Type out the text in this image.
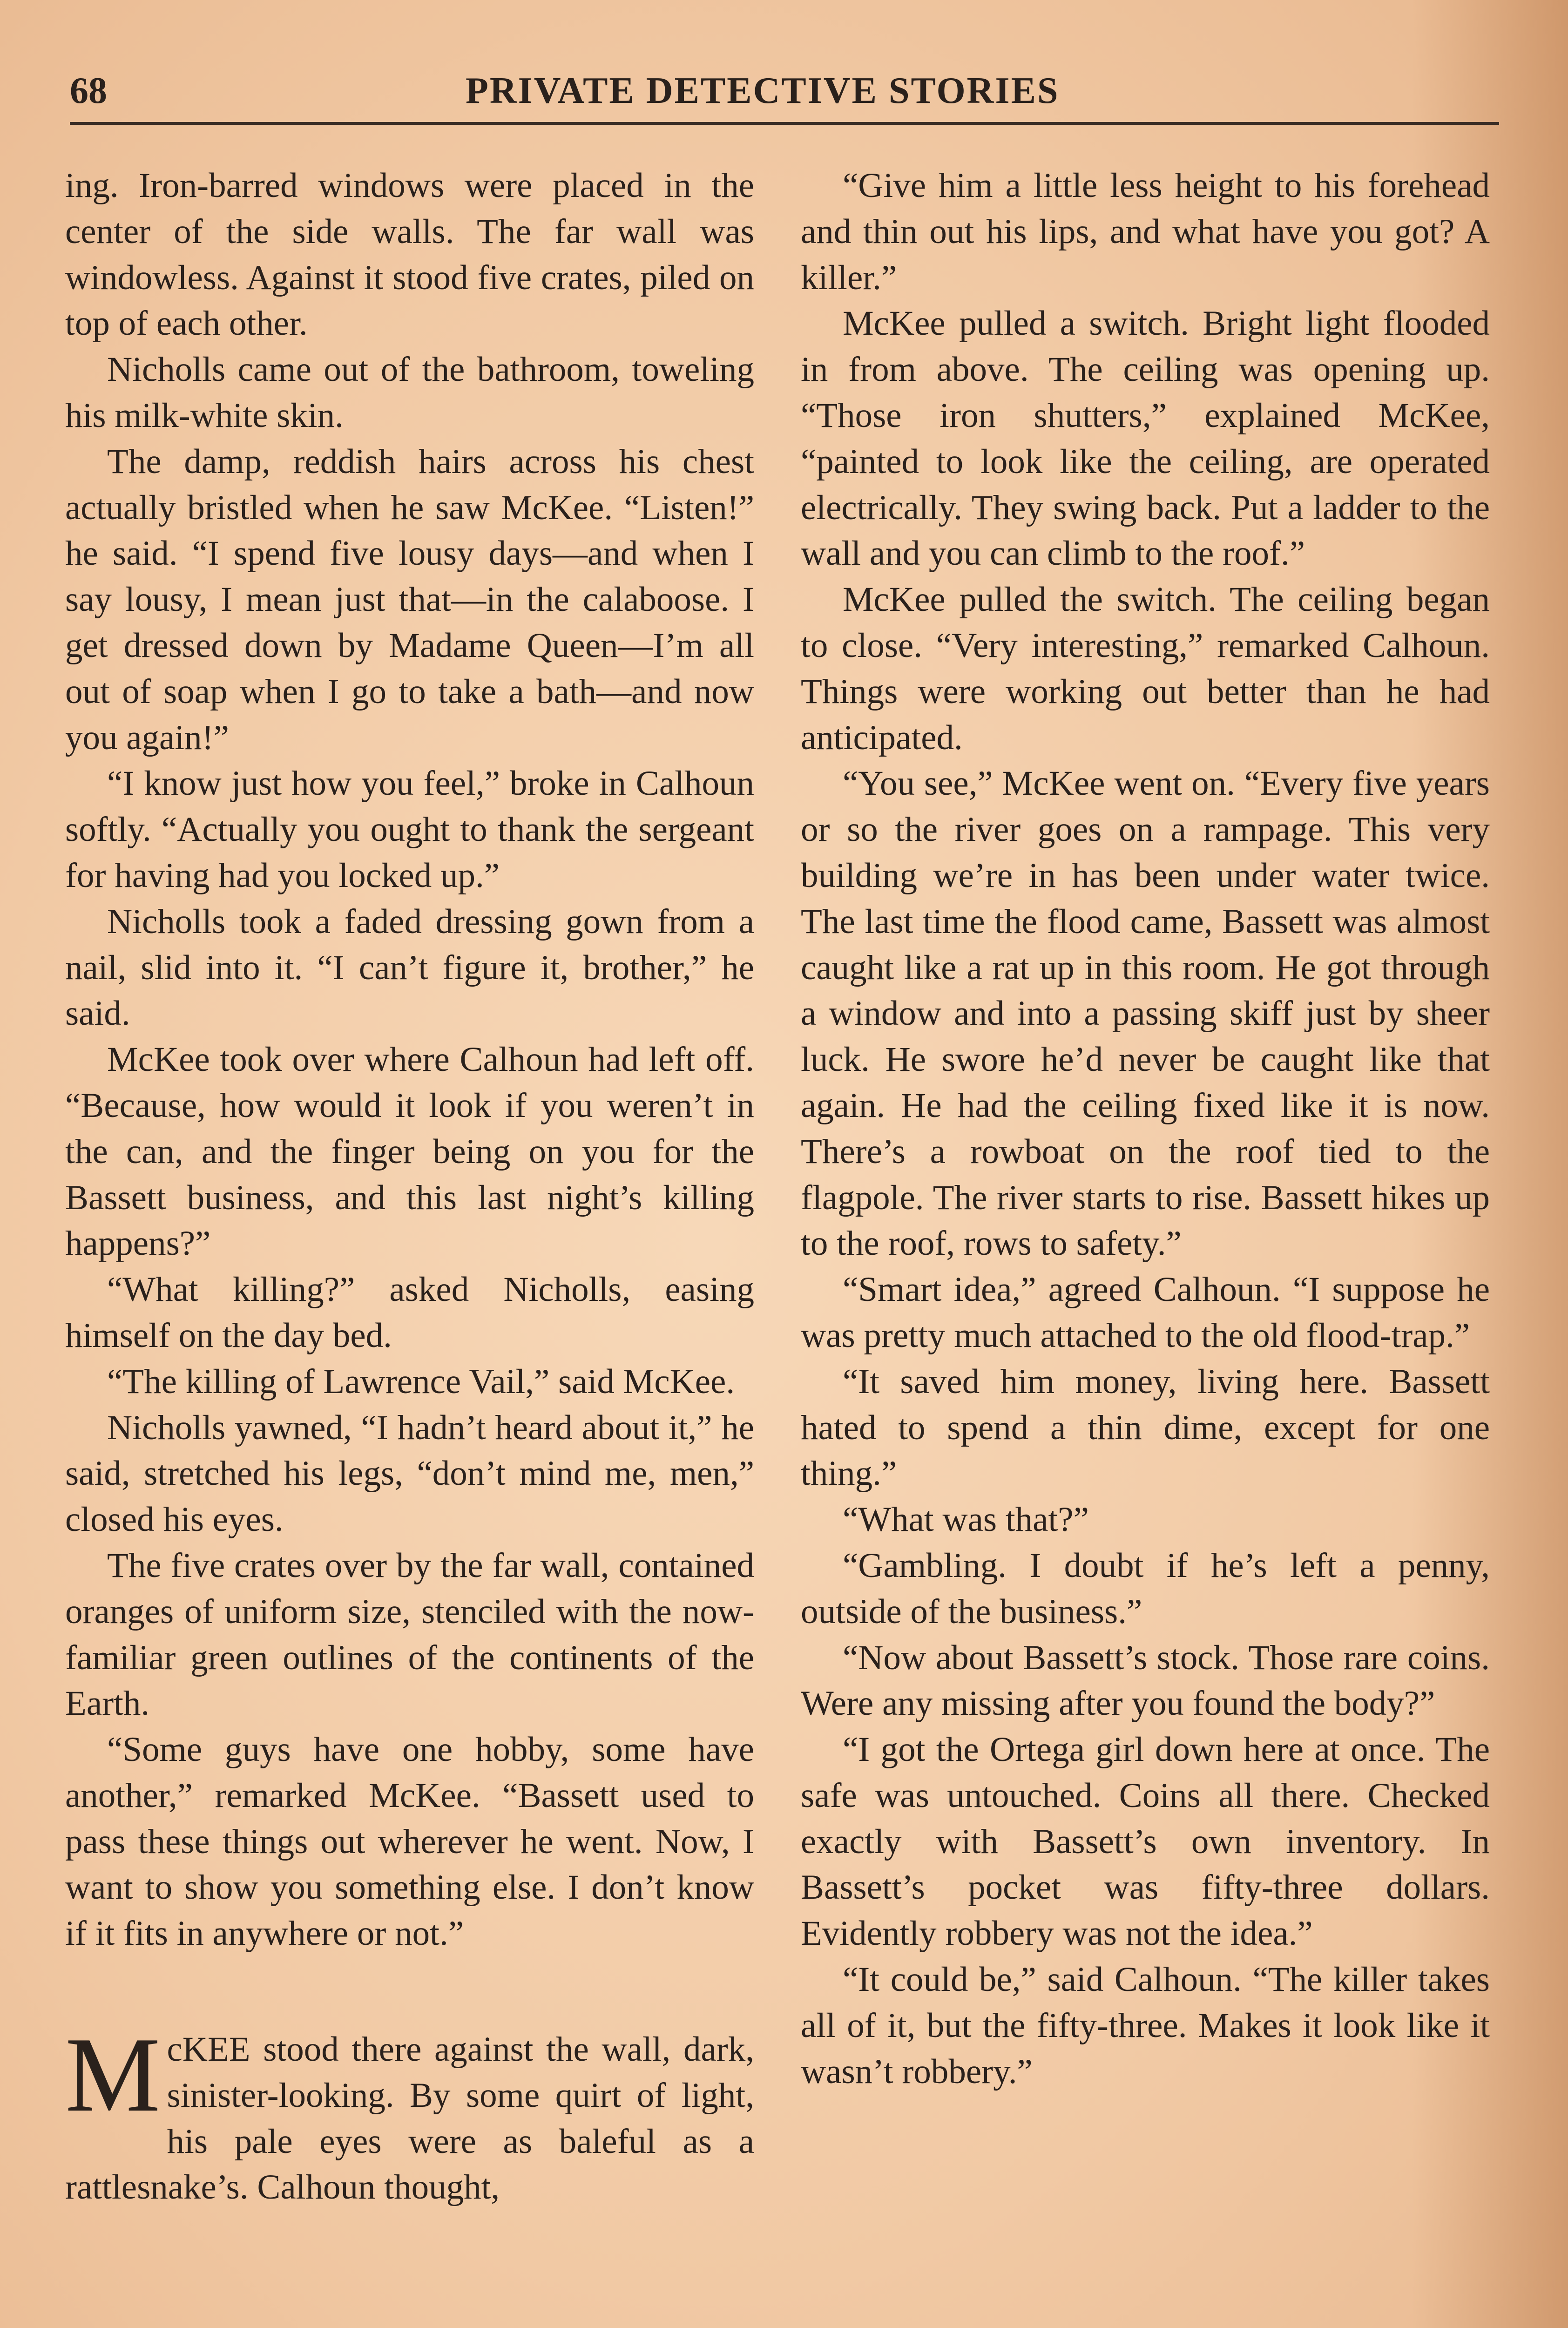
68	PRIVATE DETECTIVE STORIES

ing. Iron-barred windows were placed in the center of the side walls. The far wall was windowless. Against it stood five crates, piled on top of each other.

Nicholls came out of the bathroom, toweling his milk-white skin.

The damp, reddish hairs across his chest actually bristled when he saw McKee. “Listen!” he said. “I spend five lousy days—and when I say lousy, I mean just that—in the calaboose. I get dressed down by Madame Queen—I’m all out of soap when I go to take a bath—and now you again!”

“I know just how you feel,” broke in Calhoun softly. “Actually you ought to thank the sergeant for having had you locked up.”

Nicholls took a faded dressing gown from a nail, slid into it. “I can’t figure it, brother,” he said.

McKee took over where Calhoun had left off. “Because, how would it look if you weren’t in the can, and the finger being on you for the Bassett business, and this last night’s killing happens?”

“What killing?” asked Nicholls, easing himself on the day bed.

“The killing of Lawrence Vail,” said McKee.

Nicholls yawned, “I hadn’t heard about it,” he said, stretched his legs, “don’t mind me, men,” closed his eyes.

The five crates over by the far wall, contained oranges of uniform size, stenciled with the now-familiar green outlines of the continents of the Earth.

“Some guys have one hobby, some have another,” remarked McKee. “Bassett used to pass these things out wherever he went. Now, I want to show you something else. I don’t know if it fits in anywhere or not.”

McKEE stood there against the wall, dark, sinister-looking. By some quirt of light, his pale eyes were as baleful as a rattlesnake’s. Calhoun thought,

“Give him a little less height to his forehead and thin out his lips, and what have you got? A killer.”

McKee pulled a switch. Bright light flooded in from above. The ceiling was opening up. “Those iron shutters,” explained McKee, “painted to look like the ceiling, are operated electrically. They swing back. Put a ladder to the wall and you can climb to the roof.”

McKee pulled the switch. The ceiling began to close. “Very interesting,” remarked Calhoun. Things were working out better than he had anticipated.

“You see,” McKee went on. “Every five years or so the river goes on a rampage. This very building we’re in has been under water twice. The last time the flood came, Bassett was almost caught like a rat up in this room. He got through a window and into a passing skiff just by sheer luck. He swore he’d never be caught like that again. He had the ceiling fixed like it is now. There’s a rowboat on the roof tied to the flagpole. The river starts to rise. Bassett hikes up to the roof, rows to safety.”

“Smart idea,” agreed Calhoun. “I suppose he was pretty much attached to the old flood-trap.”

“It saved him money, living here. Bassett hated to spend a thin dime, except for one thing.”

“What was that?”

“Gambling. I doubt if he’s left a penny, outside of the business.”

“Now about Bassett’s stock. Those rare coins. Were any missing after you found the body?”

“I got the Ortega girl down here at once. The safe was untouched. Coins all there. Checked exactly with Bassett’s own inventory. In Bassett’s pocket was fifty-three dollars. Evidently robbery was not the idea.”

“It could be,” said Calhoun. “The killer takes all of it, but the fifty-three. Makes it look like it wasn’t robbery.”
